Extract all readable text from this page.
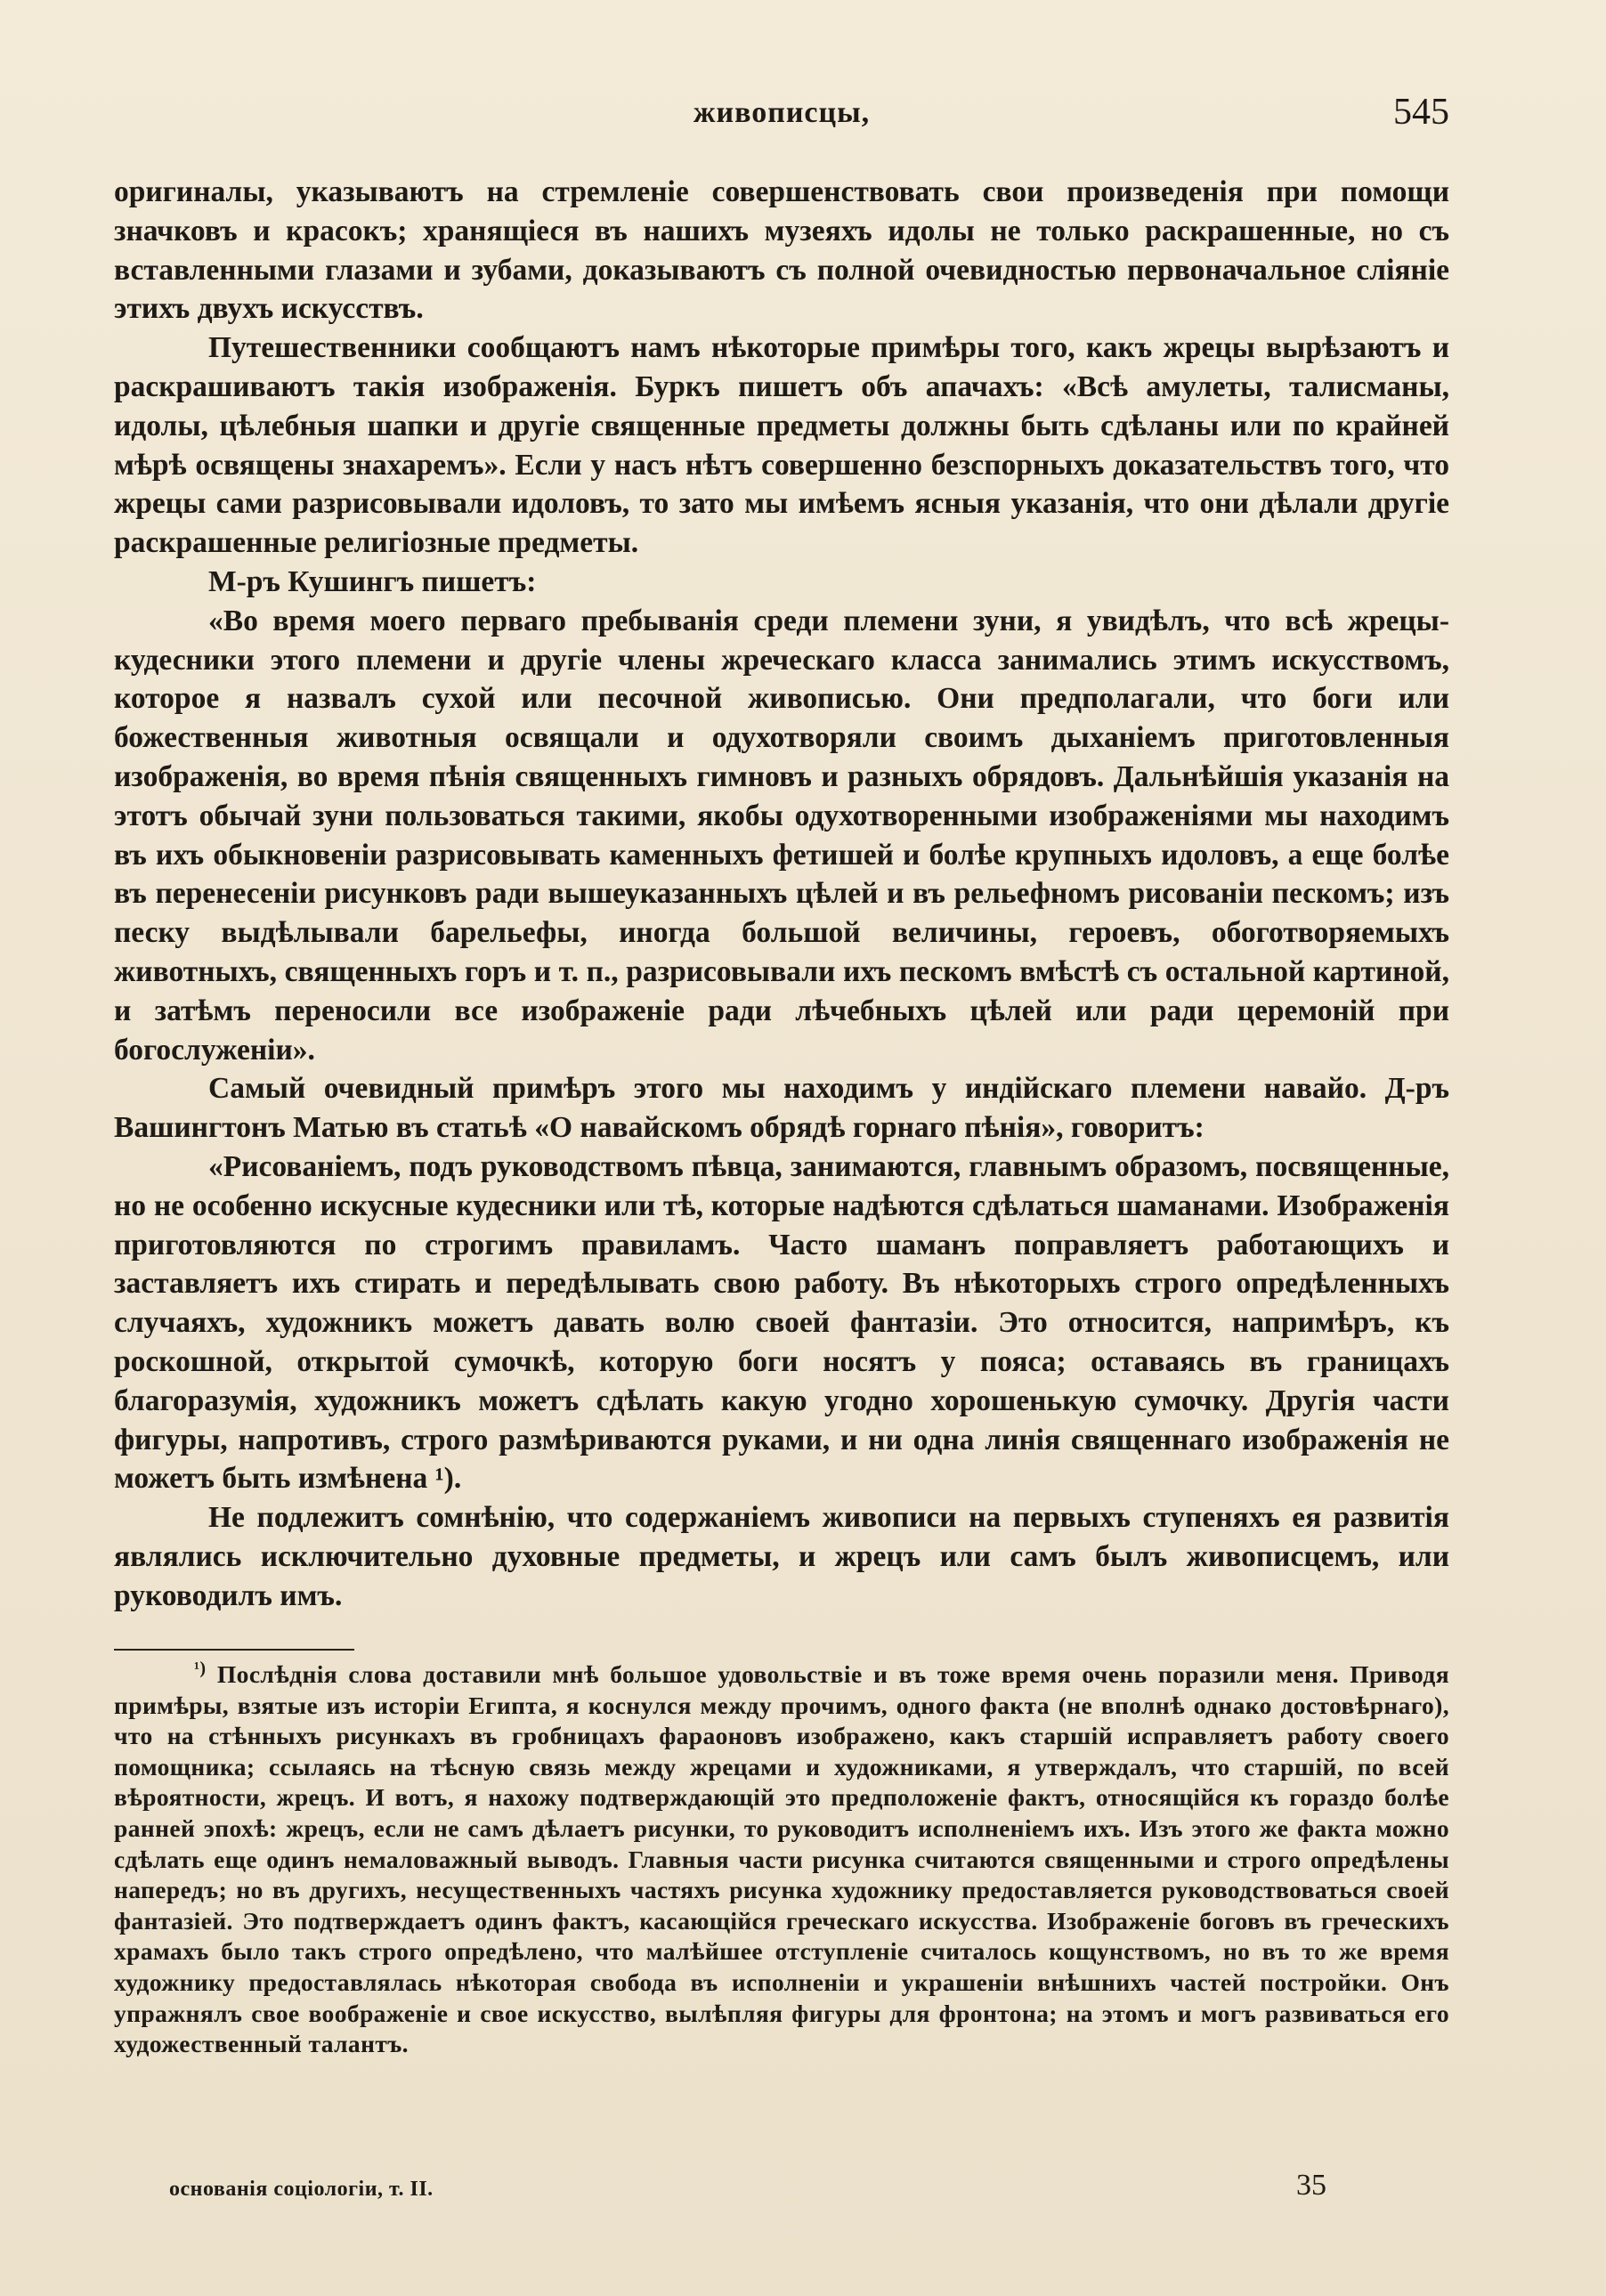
живописцы,	545

оригиналы, указываютъ на стремленіе совершенствовать свои произведенія при помощи значковъ и красокъ; хранящіеся въ нашихъ музеяхъ идолы не только раскрашенные, но съ вставленными глазами и зубами, доказываютъ съ полной очевидностью первоначальное сліяніе этихъ двухъ искусствъ.

Путешественники сообщаютъ намъ нѣкоторые примѣры того, какъ жрецы вырѣзаютъ и раскрашиваютъ такія изображенія. Буркъ пишетъ объ апачахъ: «Всѣ амулеты, талисманы, идолы, цѣлебныя шапки и другіе священные предметы должны быть сдѣланы или по крайней мѣрѣ освящены знахаремъ». Если у насъ нѣтъ совершенно безспорныхъ доказательствъ того, что жрецы сами разрисовывали идоловъ, то зато мы имѣемъ ясныя указанія, что они дѣлали другіе раскрашенные религіозные предметы.

М-ръ Кушингъ пишетъ:

«Во время моего перваго пребыванія среди племени зуни, я увидѣлъ, что всѣ жрецы-кудесники этого племени и другіе члены жреческаго класса занимались этимъ искусствомъ, которое я назвалъ сухой или песочной живописью. Они предполагали, что боги или божественныя животныя освящали и одухотворяли своимъ дыханіемъ приготовленныя изображенія, во время пѣнія священныхъ гимновъ и разныхъ обрядовъ. Дальнѣйшія указанія на этотъ обычай зуни пользоваться такими, якобы одухотворенными изображеніями мы находимъ въ ихъ обыкновеніи разрисовывать каменныхъ фетишей и болѣе крупныхъ идоловъ, а еще болѣе въ перенесеніи рисунковъ ради вышеуказанныхъ цѣлей и въ рельефномъ рисованіи пескомъ; изъ песку выдѣлывали барельефы, иногда большой величины, героевъ, обоготворяемыхъ животныхъ, священныхъ горъ и т. п., разрисовывали ихъ пескомъ вмѣстѣ съ остальной картиной, и затѣмъ переносили все изображеніе ради лѣчебныхъ цѣлей или ради церемоній при богослуженіи».

Самый очевидный примѣръ этого мы находимъ у индійскаго племени навайо. Д-ръ Вашингтонъ Матью въ статьѣ «О навайскомъ обрядѣ горнаго пѣнія», говоритъ:

«Рисованіемъ, подъ руководствомъ пѣвца, занимаются, главнымъ образомъ, посвященные, но не особенно искусные кудесники или тѣ, которые надѣются сдѣлаться шаманами. Изображенія приготовляются по строгимъ правиламъ. Часто шаманъ поправляетъ работающихъ и заставляетъ ихъ стирать и передѣлывать свою работу. Въ нѣкоторыхъ строго опредѣленныхъ случаяхъ, художникъ можетъ давать волю своей фантазіи. Это относится, напримѣръ, къ роскошной, открытой сумочкѣ, которую боги носятъ у пояса; оставаясь въ границахъ благоразумія, художникъ можетъ сдѣлать какую угодно хорошенькую сумочку. Другія части фигуры, напротивъ, строго размѣриваются руками, и ни одна линія священнаго изображенія не можетъ быть измѣнена ¹).

Не подлежитъ сомнѣнію, что содержаніемъ живописи на первыхъ ступеняхъ ея развитія являлись исключительно духовные предметы, и жрецъ или самъ былъ живописцемъ, или руководилъ имъ.

$^{^1)}$ Послѣднія слова доставили мнѣ большое удовольствіе и въ тоже время очень поразили меня. Приводя примѣры, взятые изъ исторіи Египта, я коснулся между прочимъ, одного факта (не вполнѣ однако достовѣрнаго), что на стѣнныхъ рисункахъ въ гробницахъ фараоновъ изображено, какъ старшій исправляетъ работу своего помощника; ссылаясь на тѣсную связь между жрецами и художниками, я утверждалъ, что старшій, по всей вѣроятности, жрецъ. И вотъ, я нахожу подтверждающій это предположеніе фактъ, относящійся къ гораздо болѣе ранней эпохѣ: жрецъ, если не самъ дѣлаетъ рисунки, то руководитъ исполненіемъ ихъ. Изъ этого же факта можно сдѣлать еще одинъ немаловажный выводъ. Главныя части рисунка считаются священными и строго опредѣлены напередъ; но въ другихъ, несущественныхъ частяхъ рисунка художнику предоставляется руководствоваться своей фантазіей. Это подтверждаетъ одинъ фактъ, касающійся греческаго искусства. Изображеніе боговъ въ греческихъ храмахъ было такъ строго опредѣлено, что малѣйшее отступленіе считалось кощунствомъ, но въ то же время художнику предоставлялась нѣкоторая свобода въ исполненіи и украшеніи внѣшнихъ частей постройки. Онъ упражнялъ свое воображеніе и свое искусство, вылѣпляя фигуры для фронтона; на этомъ и могъ развиваться его художественный талантъ.

основанія соціологіи, т. II.	35
